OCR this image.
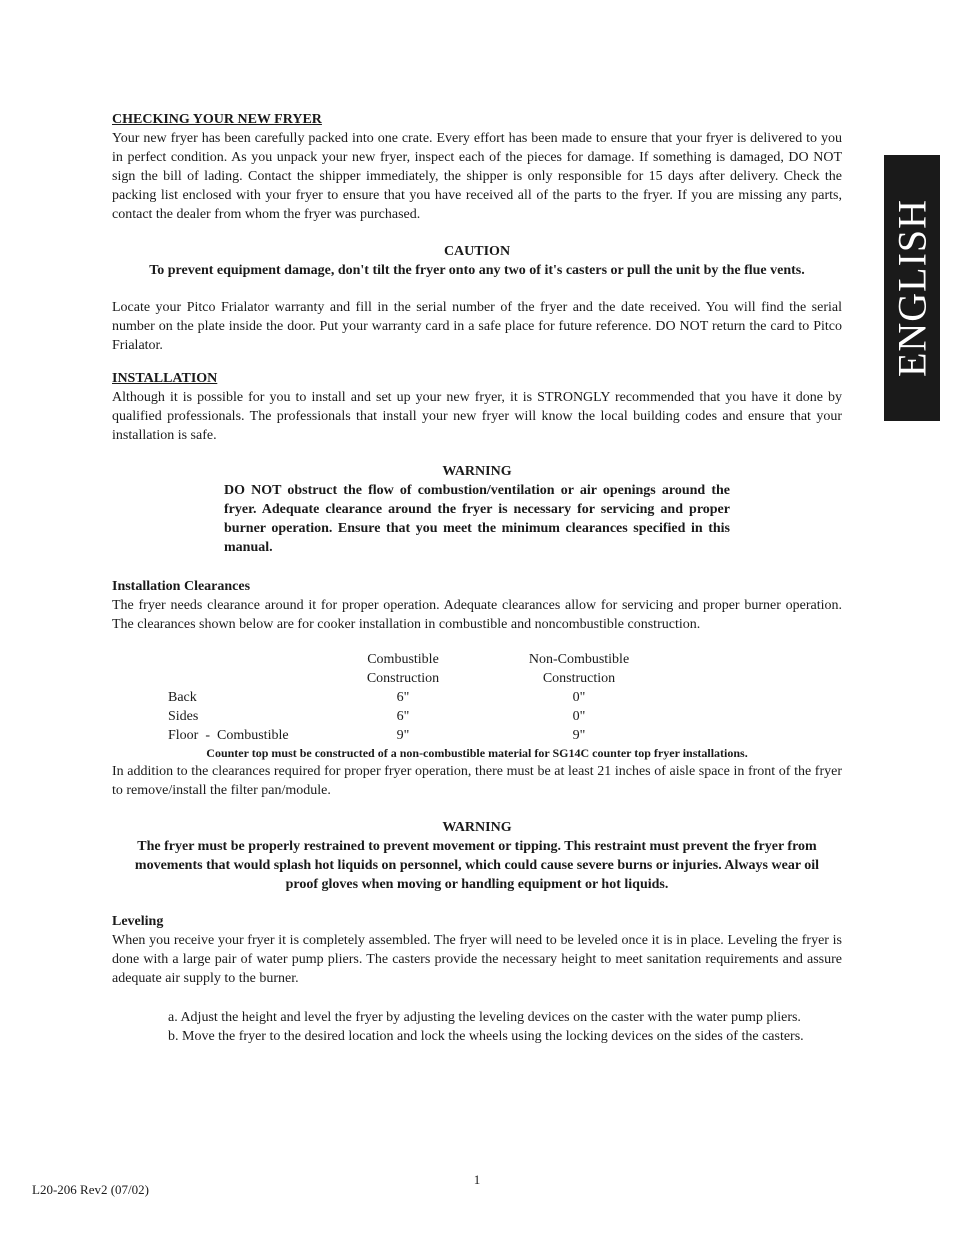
ENGLISH
CHECKING YOUR NEW FRYER

Your new fryer has been carefully packed into one crate. Every effort has been made to ensure that your fryer is delivered to you in perfect condition. As you unpack your new fryer, inspect each of the pieces for damage. If something is damaged, DO NOT sign the bill of lading. Contact the shipper immediately, the shipper is only responsible for 15 days after delivery. Check the packing list enclosed with your fryer to ensure that you have received all of the parts to the fryer. If you are missing any parts, contact the dealer from whom the fryer was purchased.

CAUTION
To prevent equipment damage, don't tilt the fryer onto any two of it's casters or pull the unit by the flue vents.

Locate your Pitco Frialator warranty and fill in the serial number of the fryer and the date received. You will find the serial number on the plate inside the door. Put your warranty card in a safe place for future reference. DO NOT return the card to Pitco Frialator.

INSTALLATION

Although it is possible for you to install and set up your new fryer, it is STRONGLY recommended that you have it done by qualified professionals. The professionals that install your new fryer will know the local building codes and ensure that your installation is safe.

WARNING
DO NOT obstruct the flow of combustion/ventilation or air openings around the fryer. Adequate clearance around the fryer is necessary for servicing and proper burner operation. Ensure that you meet the minimum clearances specified in this manual.
Installation Clearances

The fryer needs clearance around it for proper operation. Adequate clearances allow for servicing and proper burner operation. The clearances shown below are for cooker installation in combustible and noncombustible construction.

Combustible	Non-Combustible
Construction	Construction
Back	6"	0"
Sides	6"	0"
Floor  -  Combustible	9"	9"
Counter top must be constructed of a non-combustible material for SG14C counter top fryer installations.

In addition to the clearances required for proper fryer operation, there must be at least 21 inches of aisle space in front of the fryer to remove/install the filter pan/module.

WARNING
The fryer must be properly restrained to prevent movement or tipping. This restraint must prevent the fryer from movements that would splash hot liquids on personnel, which could cause severe burns or injuries. Always wear oil proof gloves when moving or handling equipment or hot liquids.
Leveling

When you receive your fryer it is completely assembled. The fryer will need to be leveled once it is in place. Leveling the fryer is done with a large pair of water pump pliers. The casters provide the necessary height to meet sanitation requirements and assure adequate air supply to the burner.

a. Adjust the height and level the fryer by adjusting the leveling devices on the caster with the water pump pliers.
b. Move the fryer to the desired location and lock the wheels using the locking devices on the sides of the casters.
1
L20-206 Rev2 (07/02)
